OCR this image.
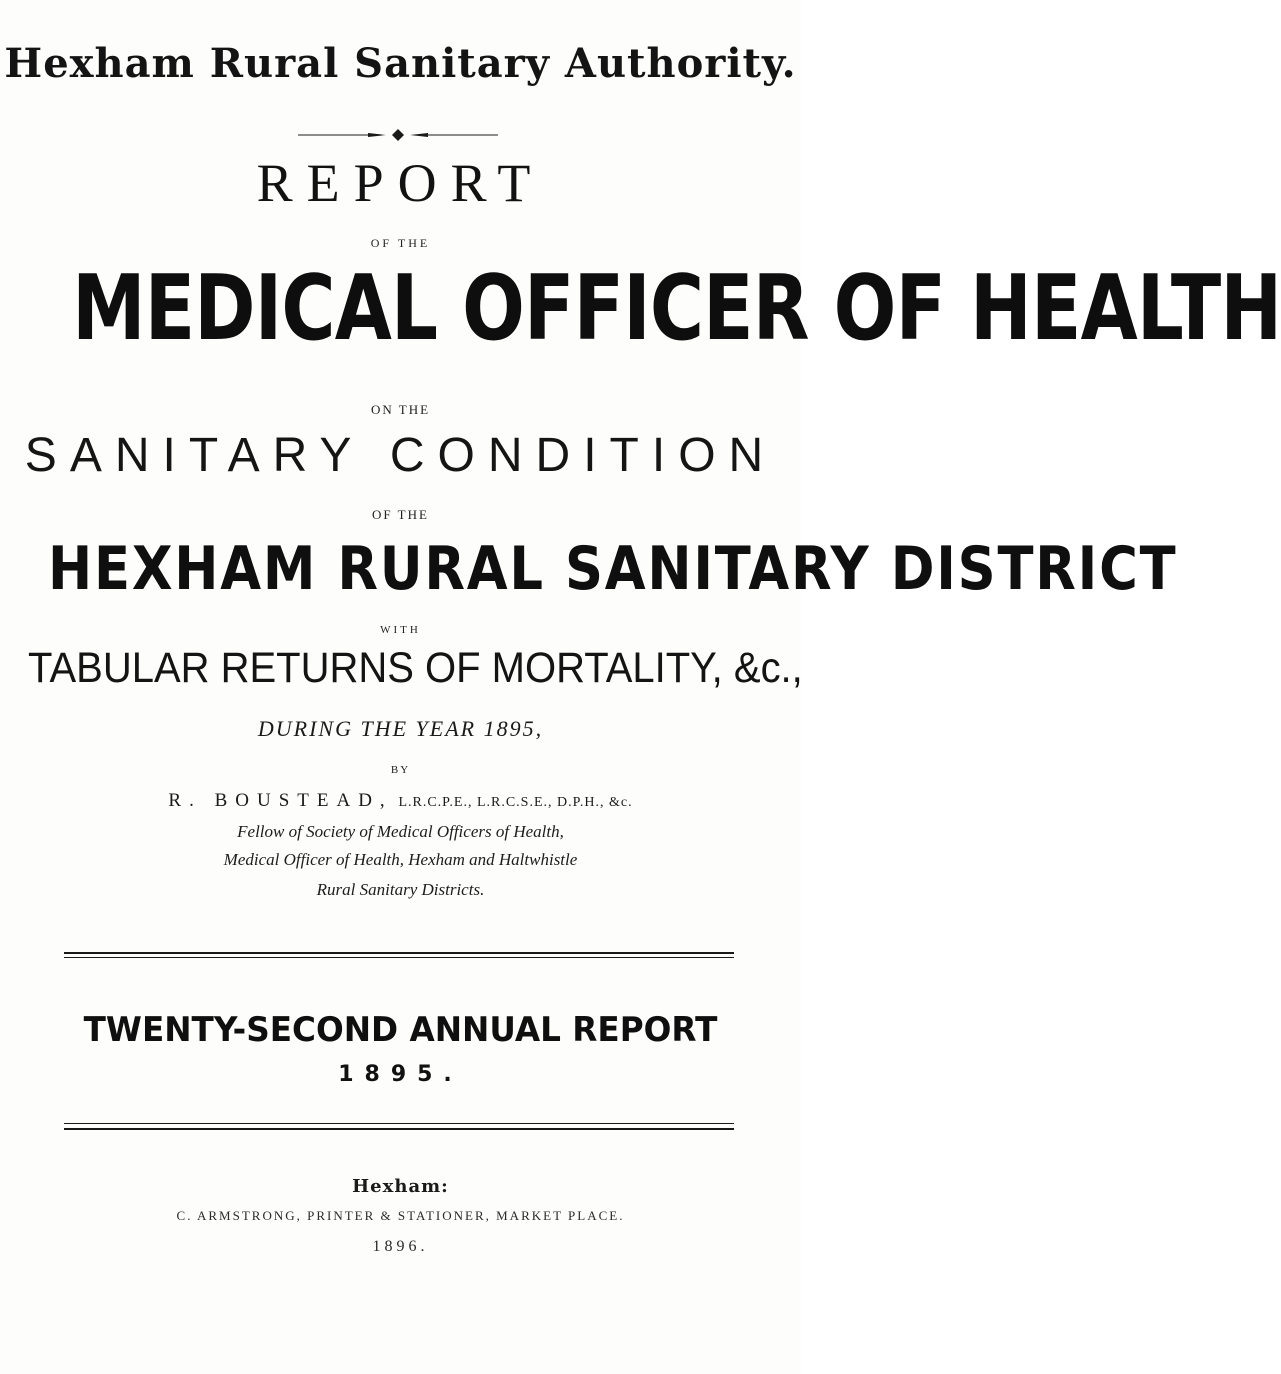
Hexham Rural Sanitary Authority.
REPORT
OF THE
MEDICAL OFFICER OF HEALTH
ON THE
SANITARY CONDITION
OF THE
HEXHAM RURAL SANITARY DISTRICT
WITH
TABULAR RETURNS OF MORTALITY, &c.,
DURING THE YEAR 1895,
BY
R. BOUSTEAD, L.R.C.P.E., L.R.C.S.E., D.P.H., &c.
Fellow of Society of Medical Officers of Health,
Medical Officer of Health, Hexham and Haltwhistle
Rural Sanitary Districts.
TWENTY-SECOND ANNUAL REPORT
1895.
Hexham:
C. ARMSTRONG, PRINTER & STATIONER, MARKET PLACE.
1896.
